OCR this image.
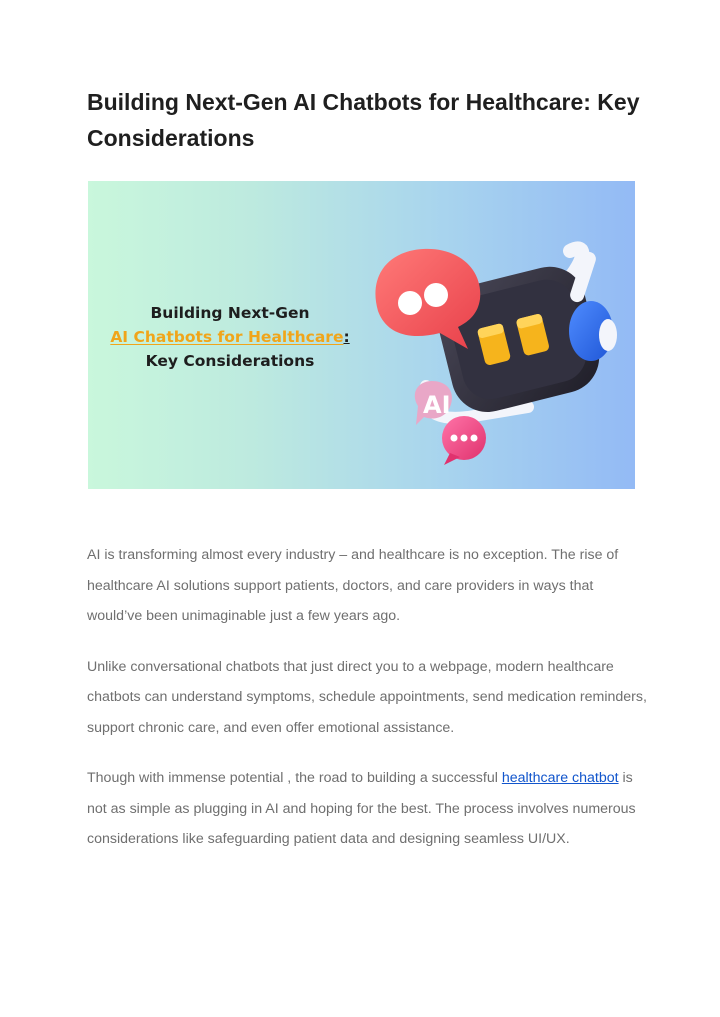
Building Next-Gen AI Chatbots for Healthcare: Key Considerations
Building Next-Gen
AI Chatbots for Healthcare:
Key Considerations
AI

AI is transforming almost every industry – and healthcare is no exception. The rise of healthcare AI solutions support patients, doctors, and care providers in ways that would’ve been unimaginable just a few years ago.

Unlike conversational chatbots that just direct you to a webpage, modern healthcare chatbots can understand symptoms, schedule appointments, send medication reminders, support chronic care, and even offer emotional assistance.

Though with immense potential , the road to building a successful healthcare chatbot is not as simple as plugging in AI and hoping for the best. The process involves numerous considerations like safeguarding patient data and designing seamless UI/UX.
